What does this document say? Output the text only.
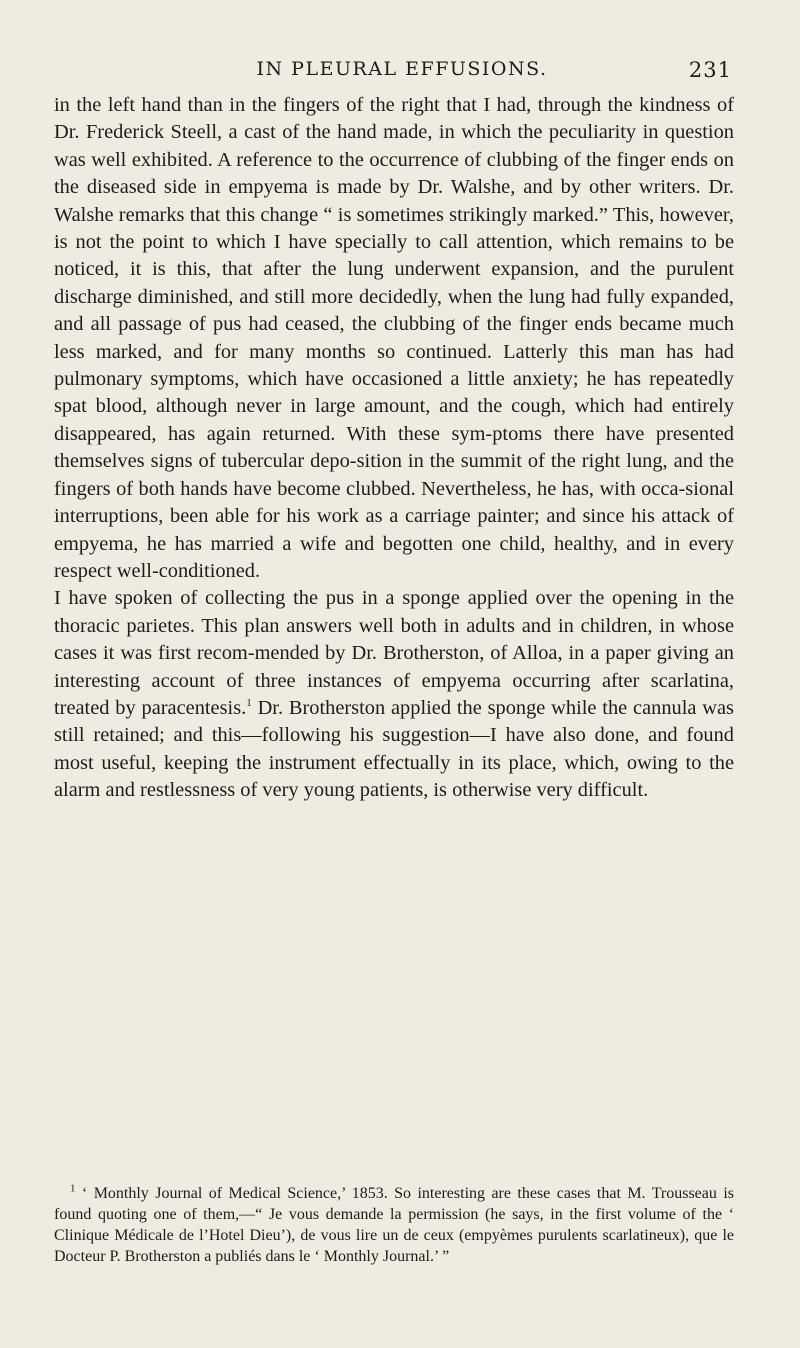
IN PLEURAL EFFUSIONS.	231

in the left hand than in the fingers of the right that I had, through the kindness of Dr. Frederick Steell, a cast of the hand made, in which the peculiarity in question was well exhibited. A reference to the occurrence of clubbing of the finger ends on the diseased side in empyema is made by Dr. Walshe, and by other writers. Dr. Walshe remarks that this change “ is sometimes strikingly marked.” This, however, is not the point to which I have specially to call attention, which remains to be noticed, it is this, that after the lung underwent expansion, and the purulent discharge diminished, and still more decidedly, when the lung had fully expanded, and all passage of pus had ceased, the clubbing of the finger ends became much less marked, and for many months so continued. Latterly this man has had pulmonary symptoms, which have occasioned a little anxiety; he has repeatedly spat blood, although never in large amount, and the cough, which had entirely disappeared, has again returned. With these sym-ptoms there have presented themselves signs of tubercular depo-sition in the summit of the right lung, and the fingers of both hands have become clubbed. Nevertheless, he has, with occa-sional interruptions, been able for his work as a carriage painter; and since his attack of empyema, he has married a wife and begotten one child, healthy, and in every respect well-conditioned.

I have spoken of collecting the pus in a sponge applied over the opening in the thoracic parietes. This plan answers well both in adults and in children, in whose cases it was first recom-mended by Dr. Brotherston, of Alloa, in a paper giving an interesting account of three instances of empyema occurring after scarlatina, treated by paracentesis.$^1$ Dr. Brotherston applied the sponge while the cannula was still retained; and this—following his suggestion—I have also done, and found most useful, keeping the instrument effectually in its place, which, owing to the alarm and restlessness of very young patients, is otherwise very difficult.

$^1$ ‘ Monthly Journal of Medical Science,’ 1853. So interesting are these cases that M. Trousseau is found quoting one of them,—“ Je vous demande la permission (he says, in the first volume of the ‘ Clinique Médicale de l’Hotel Dieu’), de vous lire un de ceux (empyèmes purulents scarlatineux), que le Docteur P. Brotherston a publiés dans le ‘ Monthly Journal.’ ”
